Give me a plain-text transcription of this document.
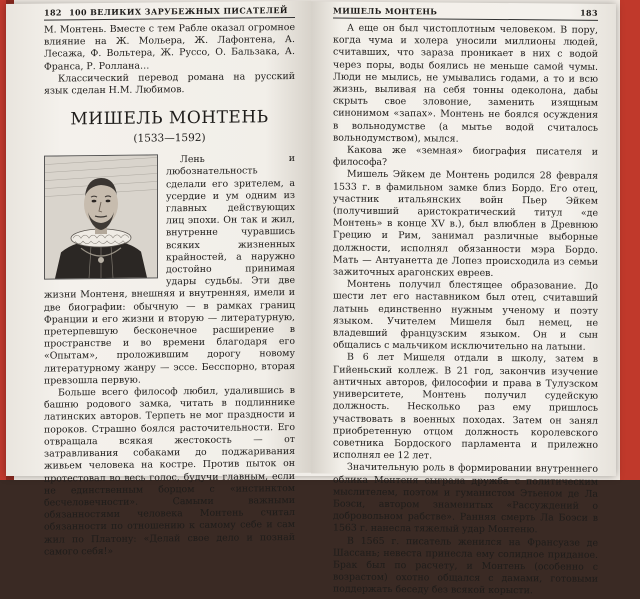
182 100 ВЕЛИКИХ ЗАРУБЕЖНЫХ ПИСАТЕЛЕЙ

М. Монтень. Вместе с тем Рабле оказал огромное влияние на Ж. Мольера, Ж. Лафонтена, А. Лесажа, Ф. Вольтера, Ж. Руссо, О. Бальзака, А. Франса, Р. Роллана…

Классический перевод романа на русский язык сделан Н.М. Любимов.

МИШЕЛЬ МОНТЕНЬ
(1533—1592)

Лень и любознательность сделали его зрителем, а усердие и ум одним из главных действующих лиц эпохи. Он так и жил, внутренне чуравшись всяких жизненных крайностей, а наружно достойно принимая удары судьбы. Эти две жизни Монтеня, внешняя и внутренняя, имели и две биографии: обычную — в рамках границ Франции и его жизни и вторую — литературную, претерпевшую бесконечное расширение в пространстве и во времени благодаря его «Опытам», проложившим дорогу новому литературному жанру — эссе. Бесспорно, вторая превзошла первую.

Больше всего философ любил, удалившись в башню родового замка, читать в подлиннике латинских авторов. Терпеть не мог праздности и пороков. Страшно боялся расточительности. Его отвращала всякая жестокость — от затравливания собаками до поджаривания живьем человека на костре. Против пыток он протестовал во весь голос, будучи главным, если не единственным борцом с «инстинктом бесчеловечности». Самыми важными обязанностями человека Монтень считал обязанности по отношению к самому себе и сам жил по Платону: «Делай свое дело и познай самого себя!»

МИШЕЛЬ МОНТЕНЬ	183

А еще он был чистоплотным человеком. В пору, когда чума и холера уносили миллионы людей, считавших, что зараза проникает в них с водой через поры, воды боялись не меньше самой чумы. Люди не мылись, не умывались годами, а то и всю жизнь, выливая на себя тонны одеколона, дабы скрыть свое зловоние, заменить изящным синонимом «запах». Монтень не боялся осуждения в вольнодумстве (а мытье водой считалось вольнодумством), мылся.

Какова же «земная» биография писателя и философа?

Мишель Эйкем де Монтень родился 28 февраля 1533 г. в фамильном замке близ Бордо. Его отец, участник итальянских войн Пьер Эйкем (получивший аристократический титул «де Монтень» в конце XV в.), был влюблен в Древнюю Грецию и Рим, занимал различные выборные должности, исполнял обязанности мэра Бордо. Мать — Антуанетта де Лопез происходила из семьи зажиточных арагонских евреев.

Монтень получил блестящее образование. До шести лет его наставником был отец, считавший латынь единственно нужным ученому и поэту языком. Учителем Мишеля был немец, не владевший французским языком. Он и сын общались с мальчиком исключительно на латыни.

В 6 лет Мишеля отдали в школу, затем в Гийеньский коллеж. В 21 год, закончив изучение античных авторов, философии и права в Тулузском университете, Монтень получил судейскую должность. Несколько раз ему пришлось участвовать в военных походах. Затем он занял приобретенную отцом должность королевского советника Бордоского парламента и прилежно исполнял ее 12 лет.

Значительную роль в формировании внутреннего облика Монтеня сыграла дружба с политическим мыслителем, поэтом и гуманистом Этьеном де Ла Боэси, автором знаменитых «Рассуждений о добровольном рабстве». Ранняя смерть Ла Боэси в 1563 г. нанесла тяжелый удар Монтеню.

В 1565 г. писатель женился на Франсуазе де Шассань; невеста принесла ему солидное приданое. Брак был по расчету, и Монтень (особенно с возрастом) охотно общался с дамами, готовыми поддержать беседу без всякой корысти.
